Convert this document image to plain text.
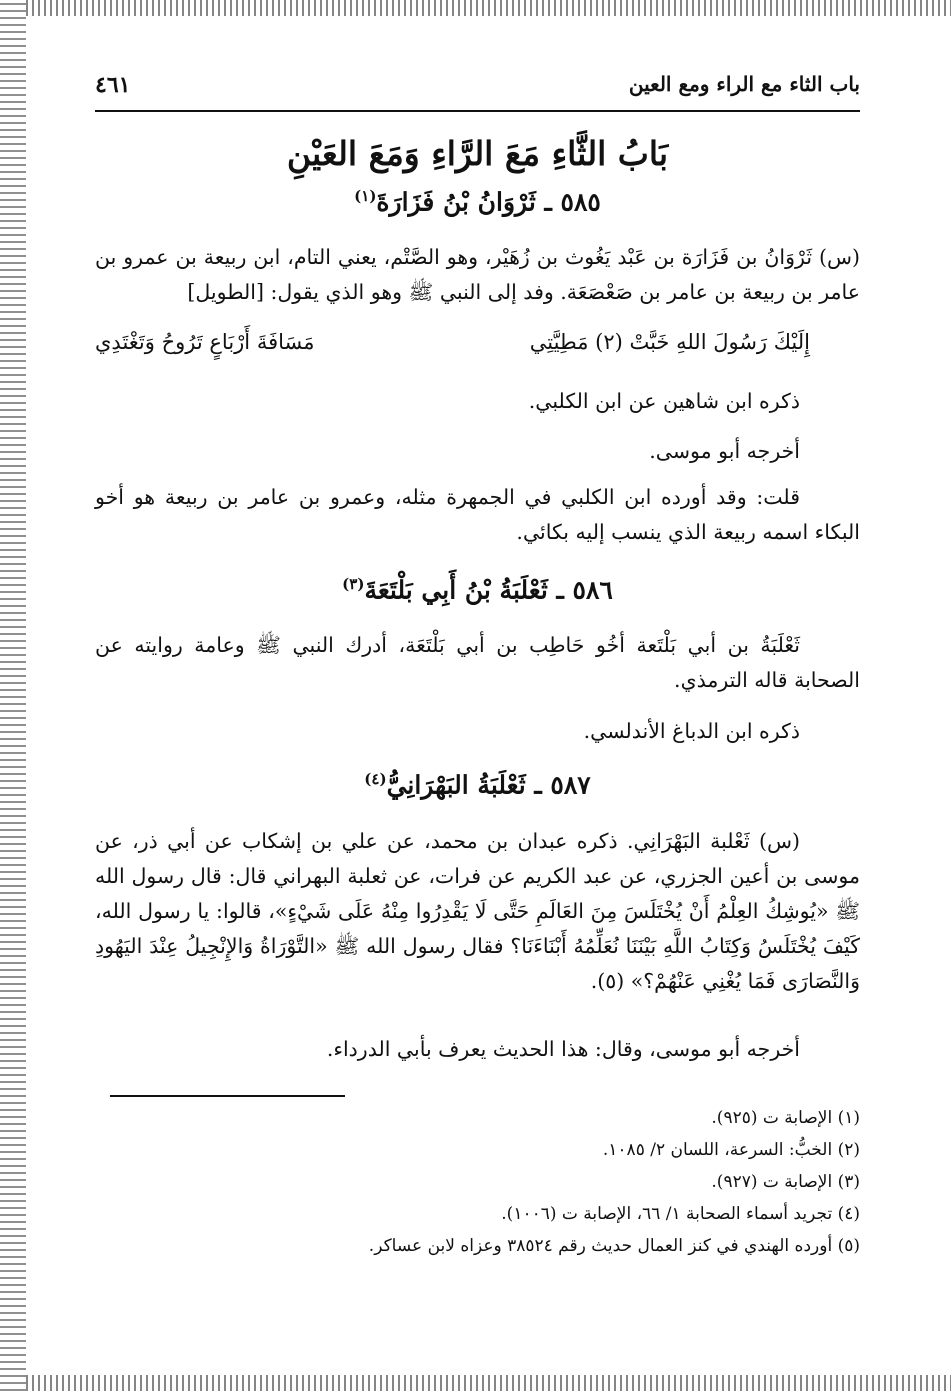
باب الثاء مع الراء ومع العين
٤٦١
بَابُ الثَّاءِ مَعَ الرَّاءِ وَمَعَ العَيْنِ
٥٨٥ ـ ثَرْوَانُ بْنُ فَزَارَةَ$^{(١)}$
(س) ثَرْوَانُ بن فَزَارَة بن عَبْد يَغُوث بن زُهَيْر، وهو الصَّتْم، يعني التام، ابن ربيعة بن عمرو بن عامر بن ربيعة بن عامر بن صَعْصَعَة. وفد إلى النبي ﷺ وهو الذي يقول: [الطويل]
إِلَيْكَ رَسُولَ اللهِ خَبَّتْ (٢) مَطِيَّتِي
مَسَافَةَ أَرْبَاعٍ تَرُوحُ وَتَغْتَدِي
ذكره ابن شاهين عن ابن الكلبي.
أخرجه أبو موسى.
قلت: وقد أورده ابن الكلبي في الجمهرة مثله، وعمرو بن عامر بن ربيعة هو أخو البكاء اسمه ربيعة الذي ينسب إليه بكائي.
٥٨٦ ـ ثَعْلَبَةُ بْنُ أَبِي بَلْتَعَةَ$^{(٣)}$
ثَعْلَبَةُ بن أبي بَلْتَعة أخُو حَاطِب بن أبي بَلْتَعَة، أدرك النبي ﷺ وعامة روايته عن الصحابة قاله الترمذي.
ذكره ابن الدباغ الأندلسي.
٥٨٧ ـ ثَعْلَبَةُ البَهْرَانِيُّ$^{(٤)}$
(س) ثَعْلبة البَهْرَانِي. ذكره عبدان بن محمد، عن علي بن إشكاب عن أبي ذر، عن موسى بن أعين الجزري، عن عبد الكريم عن فرات، عن ثعلبة البهراني قال: قال رسول الله ﷺ «يُوشِكُ العِلْمُ أَنْ يُخْتَلَسَ مِنَ العَالَمِ حَتَّى لَا يَقْدِرُوا مِنْهُ عَلَى شَيْءٍ»، قالوا: يا رسول الله، كَيْفَ يُخْتَلَسُ وَكِتَابُ اللَّهِ بَيْنَنَا نُعَلِّمُهُ أَبْنَاءَنَا؟ فقال رسول الله ﷺ «التَّوْرَاةُ وَالإِنْجِيلُ عِنْدَ اليَهُودِ وَالنَّصَارَى فَمَا يُغْنِي عَنْهُمْ؟» (٥).
أخرجه أبو موسى، وقال: هذا الحديث يعرف بأبي الدرداء.
(١) الإصابة ت (٩٢٥).
(٢) الخبُّ: السرعة، اللسان ٢/ ١٠٨٥.
(٣) الإصابة ت (٩٢٧).
(٤) تجريد أسماء الصحابة ١/ ٦٦، الإصابة ت (١٠٠٦).
(٥) أورده الهندي في كنز العمال حديث رقم ٣٨٥٢٤ وعزاه لابن عساكر.
